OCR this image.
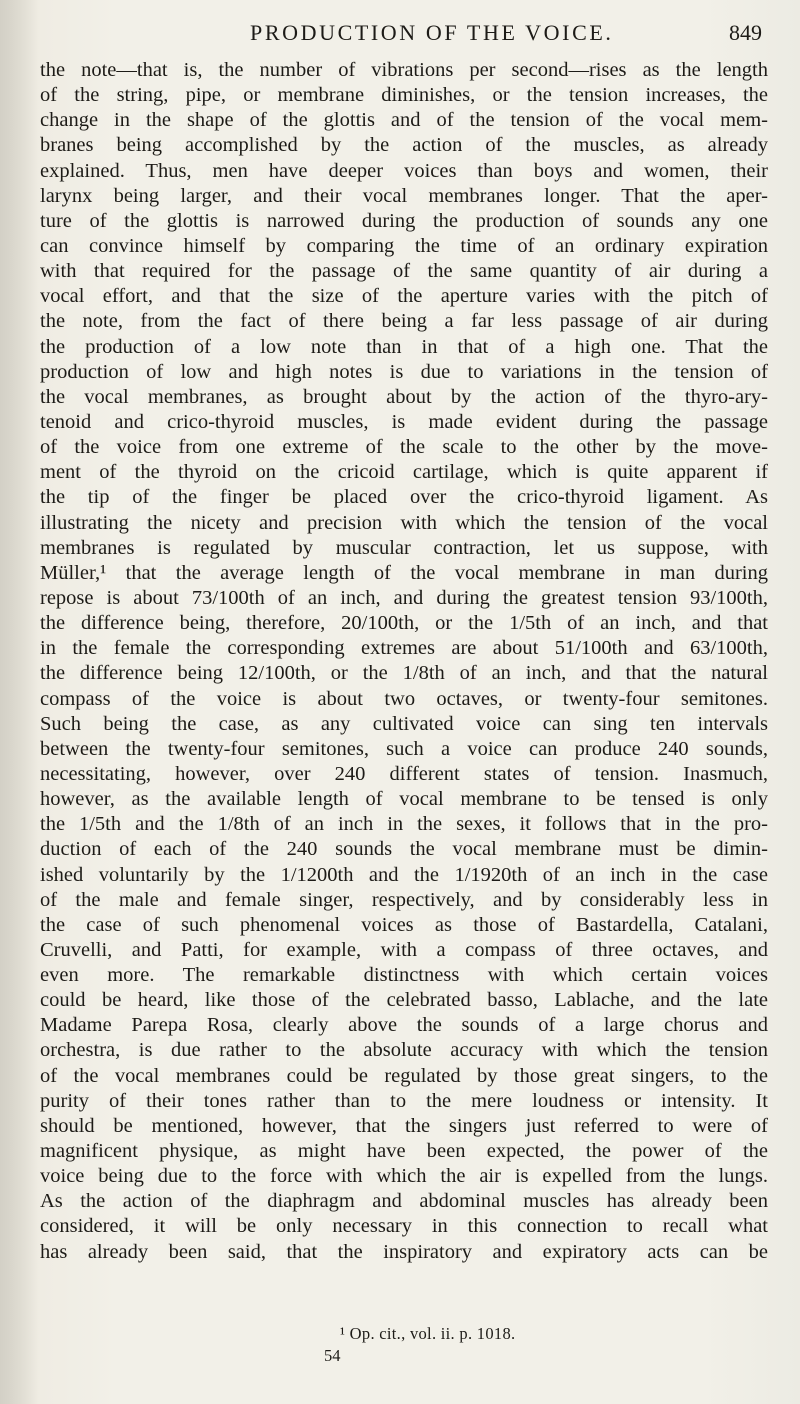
PRODUCTION OF THE VOICE.	849
the note—that is, the number of vibrations per second—rises as the length
of the string, pipe, or membrane diminishes, or the tension increases, the
change in the shape of the glottis and of the tension of the vocal mem-
branes being accomplished by the action of the muscles, as already
explained. Thus, men have deeper voices than boys and women, their
larynx being larger, and their vocal membranes longer. That the aper-
ture of the glottis is narrowed during the production of sounds any one
can convince himself by comparing the time of an ordinary expiration
with that required for the passage of the same quantity of air during a
vocal effort, and that the size of the aperture varies with the pitch of
the note, from the fact of there being a far less passage of air during
the production of a low note than in that of a high one. That the
production of low and high notes is due to variations in the tension of
the vocal membranes, as brought about by the action of the thyro-ary-
tenoid and crico-thyroid muscles, is made evident during the passage
of the voice from one extreme of the scale to the other by the move-
ment of the thyroid on the cricoid cartilage, which is quite apparent if
the tip of the finger be placed over the crico-thyroid ligament. As
illustrating the nicety and precision with which the tension of the vocal
membranes is regulated by muscular contraction, let us suppose, with
Müller,¹ that the average length of the vocal membrane in man during
repose is about 73/100th of an inch, and during the greatest tension 93/100th,
the difference being, therefore, 20/100th, or the 1/5th of an inch, and that
in the female the corresponding extremes are about 51/100th and 63/100th,
the difference being 12/100th, or the 1/8th of an inch, and that the natural
compass of the voice is about two octaves, or twenty-four semitones.
Such being the case, as any cultivated voice can sing ten intervals
between the twenty-four semitones, such a voice can produce 240 sounds,
necessitating, however, over 240 different states of tension. Inasmuch,
however, as the available length of vocal membrane to be tensed is only
the 1/5th and the 1/8th of an inch in the sexes, it follows that in the pro-
duction of each of the 240 sounds the vocal membrane must be dimin-
ished voluntarily by the 1/1200th and the 1/1920th of an inch in the case
of the male and female singer, respectively, and by considerably less in
the case of such phenomenal voices as those of Bastardella, Catalani,
Cruvelli, and Patti, for example, with a compass of three octaves, and
even more. The remarkable distinctness with which certain voices
could be heard, like those of the celebrated basso, Lablache, and the late
Madame Parepa Rosa, clearly above the sounds of a large chorus and
orchestra, is due rather to the absolute accuracy with which the tension
of the vocal membranes could be regulated by those great singers, to the
purity of their tones rather than to the mere loudness or intensity. It
should be mentioned, however, that the singers just referred to were of
magnificent physique, as might have been expected, the power of the
voice being due to the force with which the air is expelled from the lungs.
As the action of the diaphragm and abdominal muscles has already been
considered, it will be only necessary in this connection to recall what
has already been said, that the inspiratory and expiratory acts can be
¹ Op. cit., vol. ii. p. 1018.
54
